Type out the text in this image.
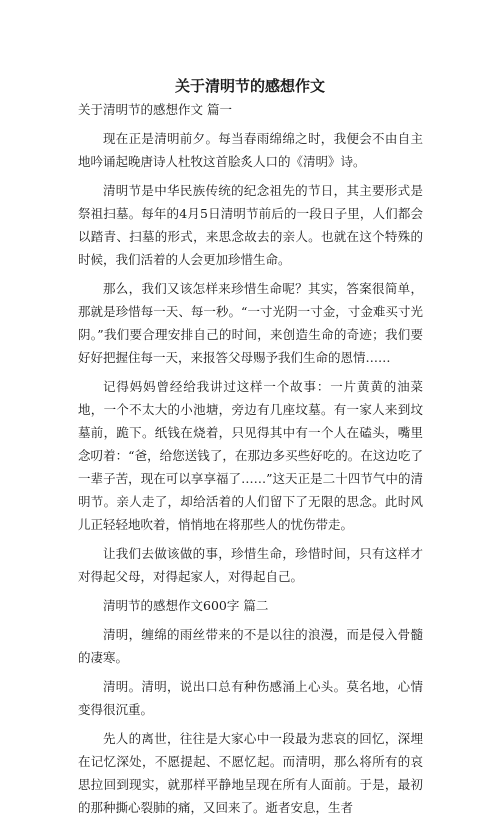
关于清明节的感想作文

关于清明节的感想作文 篇一

现在正是清明前夕。每当春雨绵绵之时，我便会不由自主地吟诵起晚唐诗人杜牧这首脍炙人口的《清明》诗。

清明节是中华民族传统的纪念祖先的节日，其主要形式是祭祖扫墓。每年的4月5日清明节前后的一段日子里，人们都会以踏青、扫墓的形式，来思念故去的亲人。也就在这个特殊的时候，我们活着的人会更加珍惜生命。

那么，我们又该怎样来珍惜生命呢？其实，答案很简单，那就是珍惜每一天、每一秒。“一寸光阴一寸金，寸金难买寸光阴。”我们要合理安排自己的时间，来创造生命的奇迹；我们要好好把握住每一天，来报答父母赐予我们生命的恩情……

记得妈妈曾经给我讲过这样一个故事：一片黄黄的油菜地，一个不太大的小池塘，旁边有几座坟墓。有一家人来到坟墓前，跪下。纸钱在烧着，只见得其中有一个人在磕头，嘴里念叨着：“爸，给您送钱了，在那边多买些好吃的。在这边吃了一辈子苦，现在可以享享福了……”这天正是二十四节气中的清明节。亲人走了，却给活着的人们留下了无限的思念。此时风儿正轻轻地吹着，悄悄地在将那些人的忧伤带走。

让我们去做该做的事，珍惜生命，珍惜时间，只有这样才对得起父母，对得起家人，对得起自己。

清明节的感想作文600字 篇二

清明，缠绵的雨丝带来的不是以往的浪漫，而是侵入骨髓的凄寒。

清明。清明，说出口总有种伤感涌上心头。莫名地，心情变得很沉重。

先人的离世，往往是大家心中一段最为悲哀的回忆，深埋在记忆深处，不愿提起、不愿忆起。而清明，那么将所有的哀思拉回到现实，就那样平静地呈现在所有人面前。于是，最初的那种撕心裂肺的痛，又回来了。逝者安息，生者
